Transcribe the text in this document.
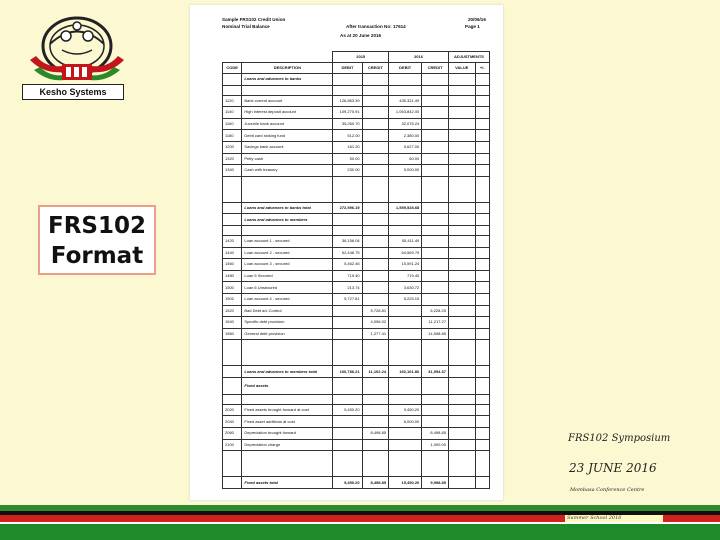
Kesho Systems
FRS102
Format
Sample FRS102 Credit Union
Nominal Trial Balance	After transaction No: 17614
20/06/16
Page 1
As at 20 June 2016
		2015		2016		ADJUSTMENTS	
CODE	DESCRIPTION	DEBIT	CREDIT	DEBIT	CREDIT	VALUE	+/-
	Loans and advances to banks						

1120	Bank current account	126,863.39		435,321.49			
1140	High interest deposit account	109,270.91		1,063,842.00			
1160	Juvenile bank account	35,260.70		32,076.24			
1180	Debit card sinking fund	512.00		2,380.00			
1200	Savings bank account	161.20		5,627.00			
1320	Petty cash	50.00		60.00			
1340	Cash with treasury	230.00		5,000.00			

	Loans and advances to banks total	272,596.19		1,559,528.68			
	Loans and advances to members						

1420	Loan account 1 - secured	36,156.04		55,411.49			
1440	Loan account 2 - secured	52,446.75		64,569.79			
1460	Loan account 3 - secured	5,462.46		15,591.24			
1480	Loan 5 Secured	719.40		719.40			
1500	Loan 6 Unsecured	213.74		3,630.72			
1502	Loan account 4 - secured	5,727.81		5,225.15			
1520	Bad Debt a/c Control		5,728.81		6,228.25		
1540	Specific debt provision		4,096.02		11,217.27		
1560	General debt provision		1,277.41		14,508.85		

	Loans and advances to members total	100,786.21	11,102.24	160,161.80	31,954.37		
	Fixed assets						

2020	Fixed assets brought forward at cost	9,450.20		9,450.20			
2040	Fixed asset additions at cost			6,000.00			
2060	Depreciation brought forward		8,498.85		8,498.85		
2100	Depreciation charge				1,000.00		

	Fixed assets total	9,450.20	8,498.85	15,450.20	9,998.85		
FRS102 Symposium
23 JUNE 2016
Mombasa Conference Centre
Summer School 2016
